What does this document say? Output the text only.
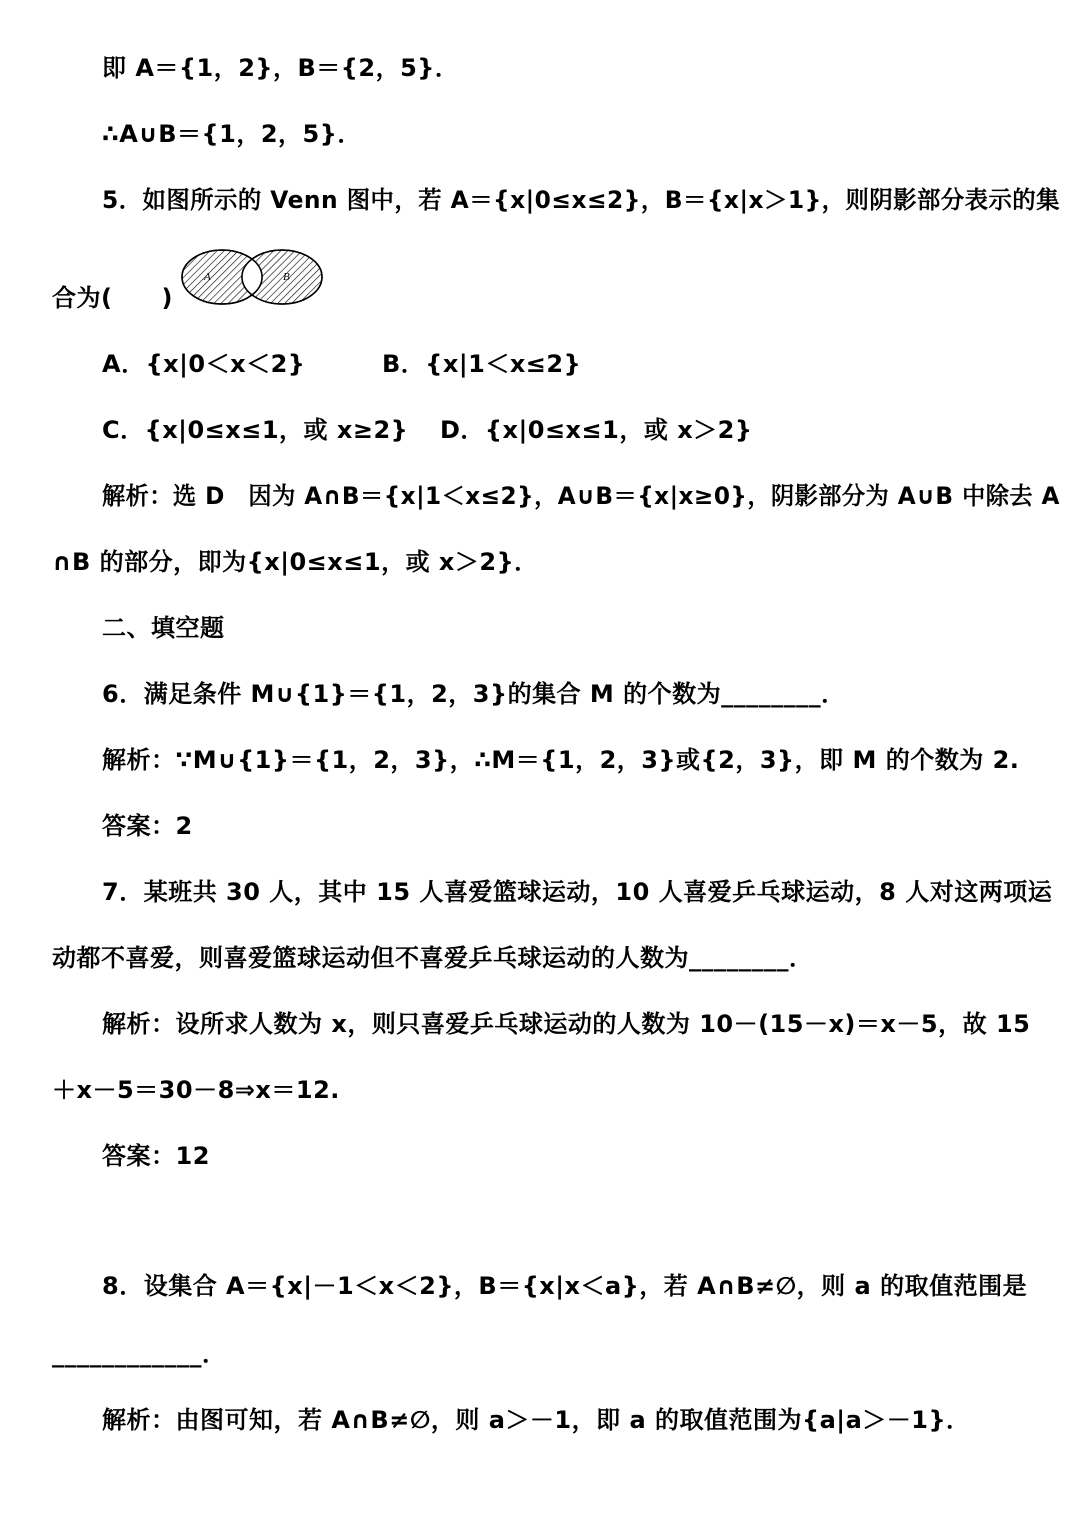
即 A＝{1，2}，B＝{2，5}．
∴A∪B＝{1，2，5}．
5．如图所示的 Venn 图中，若 A＝{x|0≤x≤2}，B＝{x|x＞1}，则阴影部分表示的集
合为(　　)
A	B
A．{x|0＜x＜2}	B．{x|1＜x≤2}
C．{x|0≤x≤1，或 x≥2} D．{x|0≤x≤1，或 x＞2}
解析：选 D　因为 A∩B＝{x|1＜x≤2}，A∪B＝{x|x≥0}，阴影部分为 A∪B 中除去 A
∩B 的部分，即为{x|0≤x≤1，或 x＞2}．
二、填空题
6．满足条件 M∪{1}＝{1，2，3}的集合 M 的个数为________．
解析：∵M∪{1}＝{1，2，3}，∴M＝{1，2，3}或{2，3}，即 M 的个数为 2.
答案：2
7．某班共 30 人，其中 15 人喜爱篮球运动，10 人喜爱乒乓球运动，8 人对这两项运
动都不喜爱，则喜爱篮球运动但不喜爱乒乓球运动的人数为________．
解析：设所求人数为 x，则只喜爱乒乓球运动的人数为 10－(15－x)＝x－5，故 15
＋x－5＝30－8⇒x＝12.
答案：12
8．设集合 A＝{x|－1＜x＜2}，B＝{x|x＜a}，若 A∩B≠∅，则 a 的取值范围是
____________．
解析：由图可知，若 A∩B≠∅，则 a＞－1，即 a 的取值范围为{a|a＞－1}．
